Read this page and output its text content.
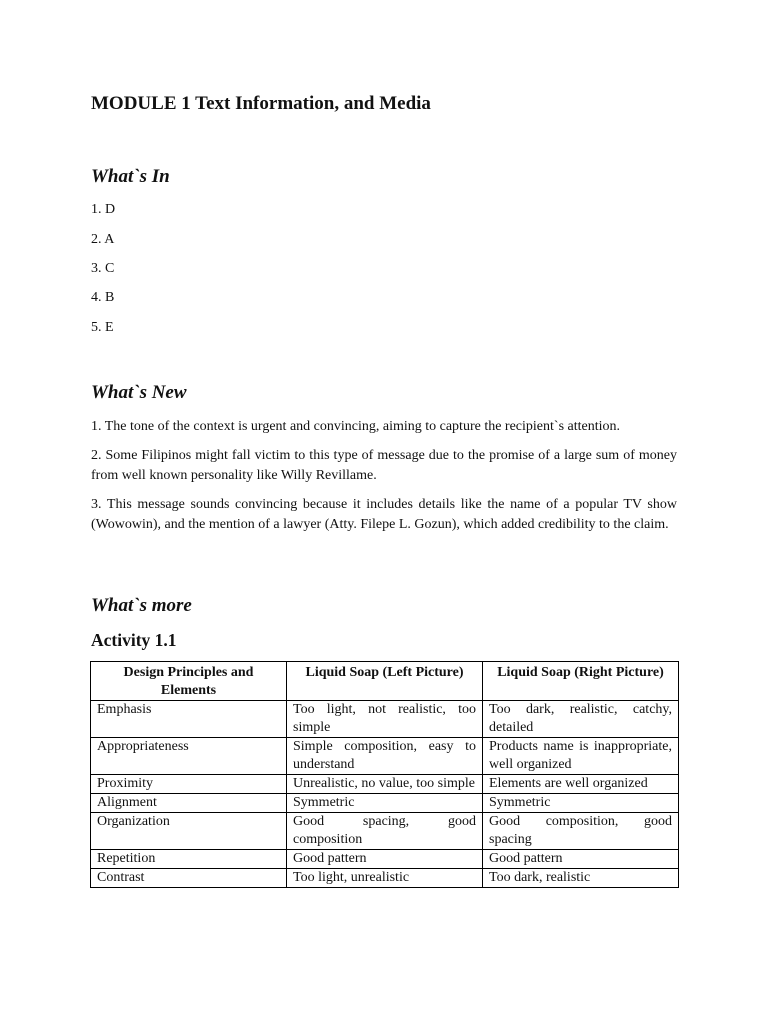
MODULE 1 Text Information, and Media
What`s In
1. D
2. A
3. C
4. B
5. E
What`s New
1. The tone of the context is urgent and convincing, aiming to capture the recipient`s attention.
2. Some Filipinos might fall victim to this type of message due to the promise of a large sum of money from well known personality like Willy Revillame.
3. This message sounds convincing because it includes details like the name of a popular TV show (Wowowin), and the mention of a lawyer (Atty. Filepe L. Gozun), which added credibility to the claim.
What`s more
Activity 1.1
Design Principles and Elements	Liquid Soap (Left Picture)	Liquid Soap (Right Picture)
Emphasis	Too light, not realistic, too simple	Too dark, realistic, catchy, detailed
Appropriateness	Simple composition, easy to understand	Products name is inappropriate, well organized
Proximity	Unrealistic, no value, too simple	Elements are well organized
Alignment	Symmetric	Symmetric
Organization	Good spacing, good composition	Good composition, good spacing
Repetition	Good pattern	Good pattern
Contrast	Too light, unrealistic	Too dark, realistic
